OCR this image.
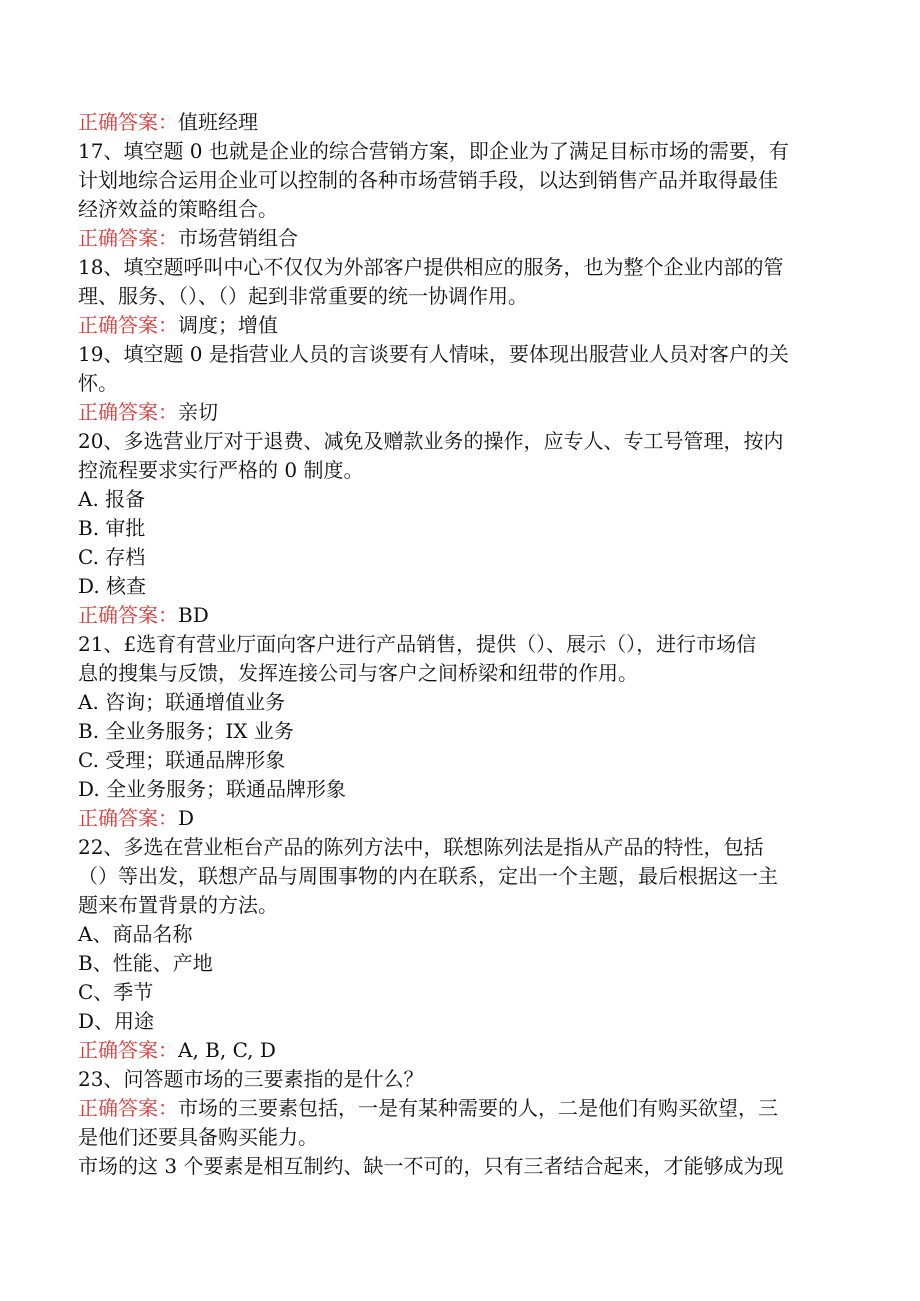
正确答案：值班经理
17、填空题 0 也就是企业的综合营销方案，即企业为了满足目标市场的需要，有
计划地综合运用企业可以控制的各种市场营销手段，以达到销售产品并取得最佳
经济效益的策略组合。
正确答案：市场营销组合
18、填空题呼叫中心不仅仅为外部客户提供相应的服务，也为整个企业内部的管
理、服务、（）、（）起到非常重要的统一协调作用。
正确答案：调度；增值
19、填空题 0 是指营业人员的言谈要有人情味，要体现出服营业人员对客户的关
怀。
正确答案：亲切
20、多选营业厅对于退费、减免及赠款业务的操作，应专人、专工号管理，按内
控流程要求实行严格的 0 制度。
A. 报备
B. 审批
C. 存档
D. 核查
正确答案：BD
21、£选育有营业厅面向客户进行产品销售，提供（）、展示（），进行市场信
息的搜集与反馈，发挥连接公司与客户之间桥梁和纽带的作用。
A. 咨询；联通增值业务
B. 全业务服务；IX 业务
C. 受理；联通品牌形象
D. 全业务服务；联通品牌形象
正确答案：D
22、多选在营业柜台产品的陈列方法中，联想陈列法是指从产品的特性，包括
（）等出发，联想产品与周围事物的内在联系，定出一个主题，最后根据这一主
题来布置背景的方法。
A、商品名称
B、性能、产地
C、季节
D、用途
正确答案：A, B, C, D
23、问答题市场的三要素指的是什么？
正确答案：市场的三要素包括，一是有某种需要的人，二是他们有购买欲望，三
是他们还要具备购买能力。
市场的这 3 个要素是相互制约、缺一不可的，只有三者结合起来，才能够成为现
